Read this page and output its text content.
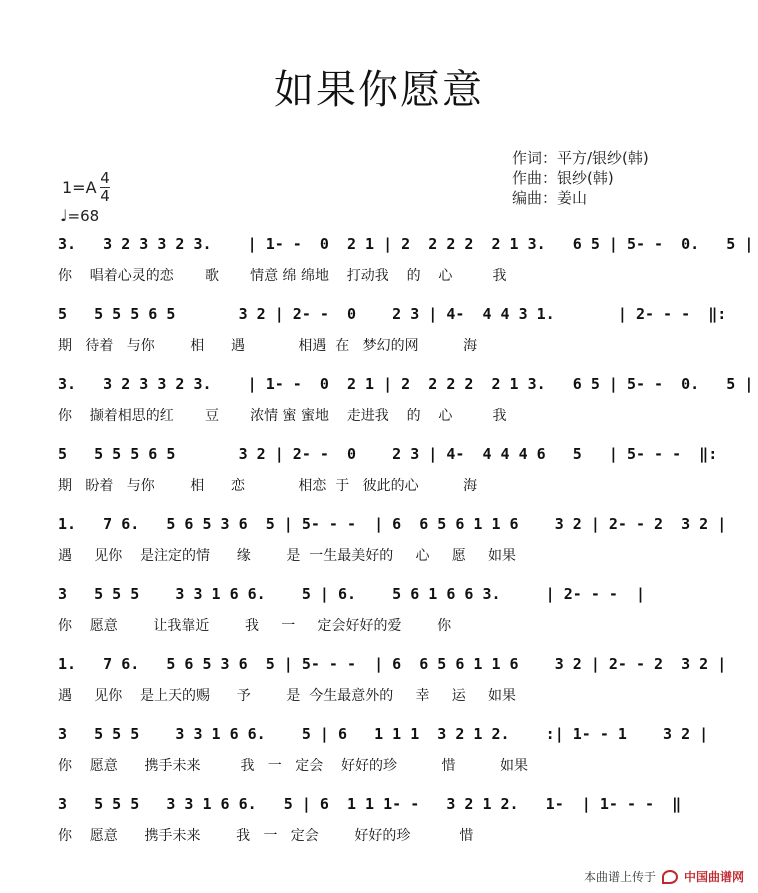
如果你愿意
作词：平方/银纱(韩)
作曲：银纱(韩)
编曲：姜山
1=A 4
4
♩=68
3.   3 2 3 3 2 3.    | 1- -  0  2 1 | 2  2 2 2  2 1 3.   6 5 | 5- -  0.   5 |
你    唱着心灵的恋       歌       情意 绵 绵地    打动我    的    心         我
5   5 5 5 6 5       3 2 | 2- -  0    2 3 | 4-  4 4 3 1.       | 2- - -  ‖:
期   待着   与你        相      遇            相遇  在   梦幻的网          海
3.   3 2 3 3 2 3.    | 1- -  0  2 1 | 2  2 2 2  2 1 3.   6 5 | 5- -  0.   5 |
你    撷着相思的红       豆       浓情 蜜 蜜地    走进我    的    心         我
5   5 5 5 6 5       3 2 | 2- -  0    2 3 | 4-  4 4 4 6   5   | 5- - -  ‖:
期   盼着   与你        相      恋            相恋  于   彼此的心          海
1.   7 6.   5 6 5 3 6  5 | 5- - -  | 6  6 5 6 1 1 6    3 2 | 2- - 2  3 2 |
遇     见你    是注定的情      缘        是  一生最美好的     心     愿     如果
3   5 5 5    3 3 1 6 6.    5 | 6.    5 6 1 6 6 3.     | 2- - -  |
你    愿意        让我靠近        我     一     定会好好的爱        你
1.   7 6.   5 6 5 3 6  5 | 5- - -  | 6  6 5 6 1 1 6    3 2 | 2- - 2  3 2 |
遇     见你    是上天的赐      予        是  今生最意外的     幸     运     如果
3   5 5 5    3 3 1 6 6.    5 | 6   1 1 1  3 2 1 2.    :| 1- - 1    3 2 |
你    愿意      携手未来         我   一   定会    好好的珍          惜          如果
3   5 5 5   3 3 1 6 6.   5 | 6  1 1 1- -   3 2 1 2.   1-  | 1- - -  ‖
你    愿意      携手未来        我   一   定会        好好的珍           惜
本曲谱上传于 中国曲谱网
